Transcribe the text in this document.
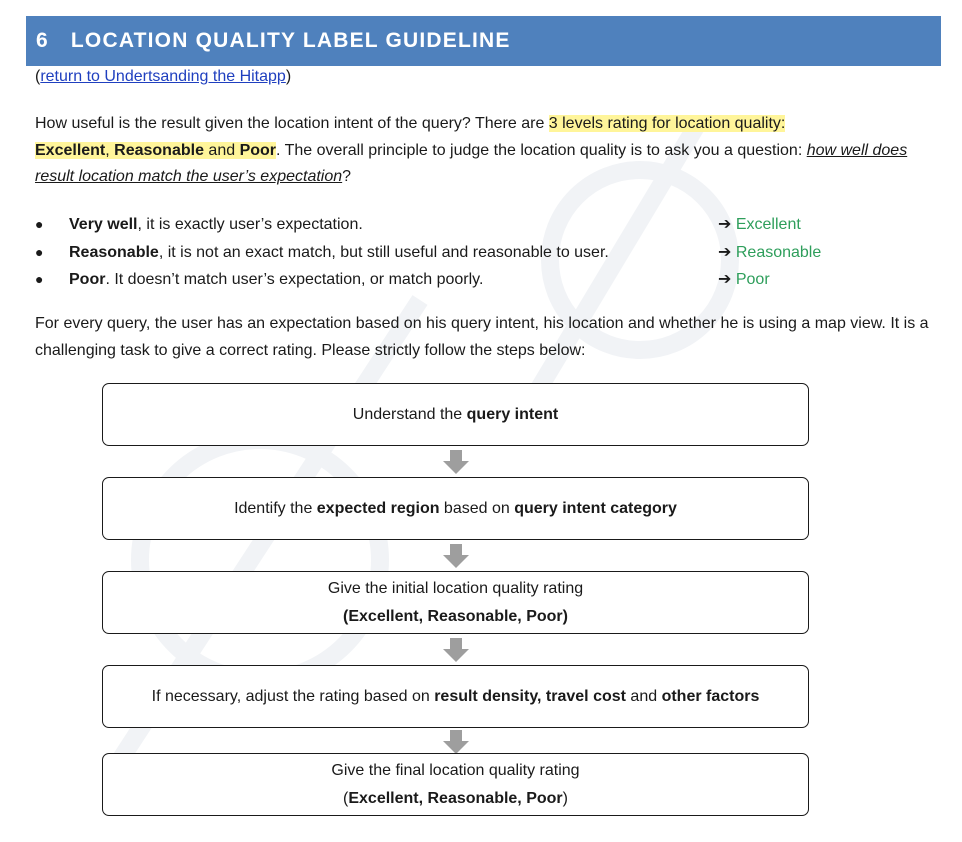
6 LOCATION QUALITY LABEL GUIDELINE
(return to Undertsanding the Hitapp)
How useful is the result given the location intent of the query? There are 3 levels rating for location quality:
Excellent, Reasonable and Poor. The overall principle to judge the location quality is to ask you a question: how well does result location match the user’s expectation?
● Very well, it is exactly user’s expectation.	➔ Excellent
● Reasonable, it is not an exact match, but still useful and reasonable to user.	➔ Reasonable
● Poor. It doesn’t match user’s expectation, or match poorly.	➔ Poor
For every query, the user has an expectation based on his query intent, his location and whether he is using a map view. It is a challenging task to give a correct rating. Please strictly follow the steps below:
Understand the query intent
Identify the expected region based on query intent category
Give the initial location quality rating
(Excellent, Reasonable, Poor)
If necessary, adjust the rating based on result density, travel cost and other factors
Give the final location quality rating
(Excellent, Reasonable, Poor)
